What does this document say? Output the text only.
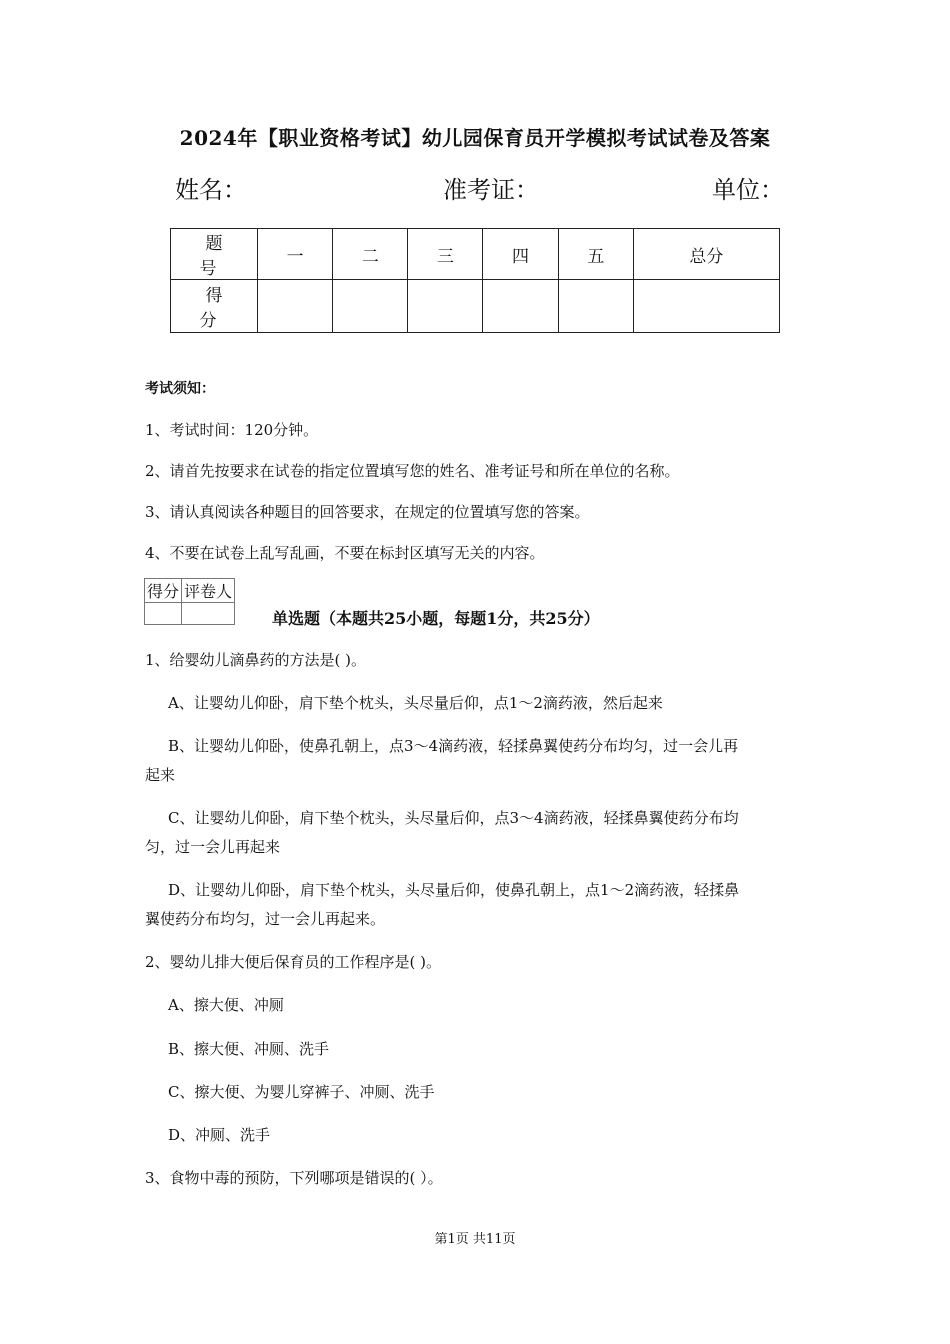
2024年【职业资格考试】幼儿园保育员开学模拟考试试卷及答案
姓名：	准考证：	单位：
题 号	一	二	三	四	五	总分
得 分						
考试须知：
1、考试时间：120分钟。
2、请首先按要求在试卷的指定位置填写您的姓名、准考证号和所在单位的名称。
3、请认真阅读各种题目的回答要求，在规定的位置填写您的答案。
4、不要在试卷上乱写乱画，不要在标封区填写无关的内容。
得分	评卷人

单选题（本题共25小题，每题1分，共25分）
1、给婴幼儿滴鼻药的方法是( )。
A、让婴幼儿仰卧，肩下垫个枕头，头尽量后仰，点1～2滴药液，然后起来
B、让婴幼儿仰卧，使鼻孔朝上，点3～4滴药液，轻揉鼻翼使药分布均匀，过一会儿再
起来
C、让婴幼儿仰卧，肩下垫个枕头，头尽量后仰，点3～4滴药液，轻揉鼻翼使药分布均
匀，过一会儿再起来
D、让婴幼儿仰卧，肩下垫个枕头，头尽量后仰，使鼻孔朝上，点1～2滴药液，轻揉鼻
翼使药分布均匀，过一会儿再起来。
2、婴幼儿排大便后保育员的工作程序是( )。
A、擦大便、冲厕
B、擦大便、冲厕、洗手
C、擦大便、为婴儿穿裤子、冲厕、洗手
D、冲厕、洗手
3、食物中毒的预防，下列哪项是错误的( ）。
第1页 共11页
